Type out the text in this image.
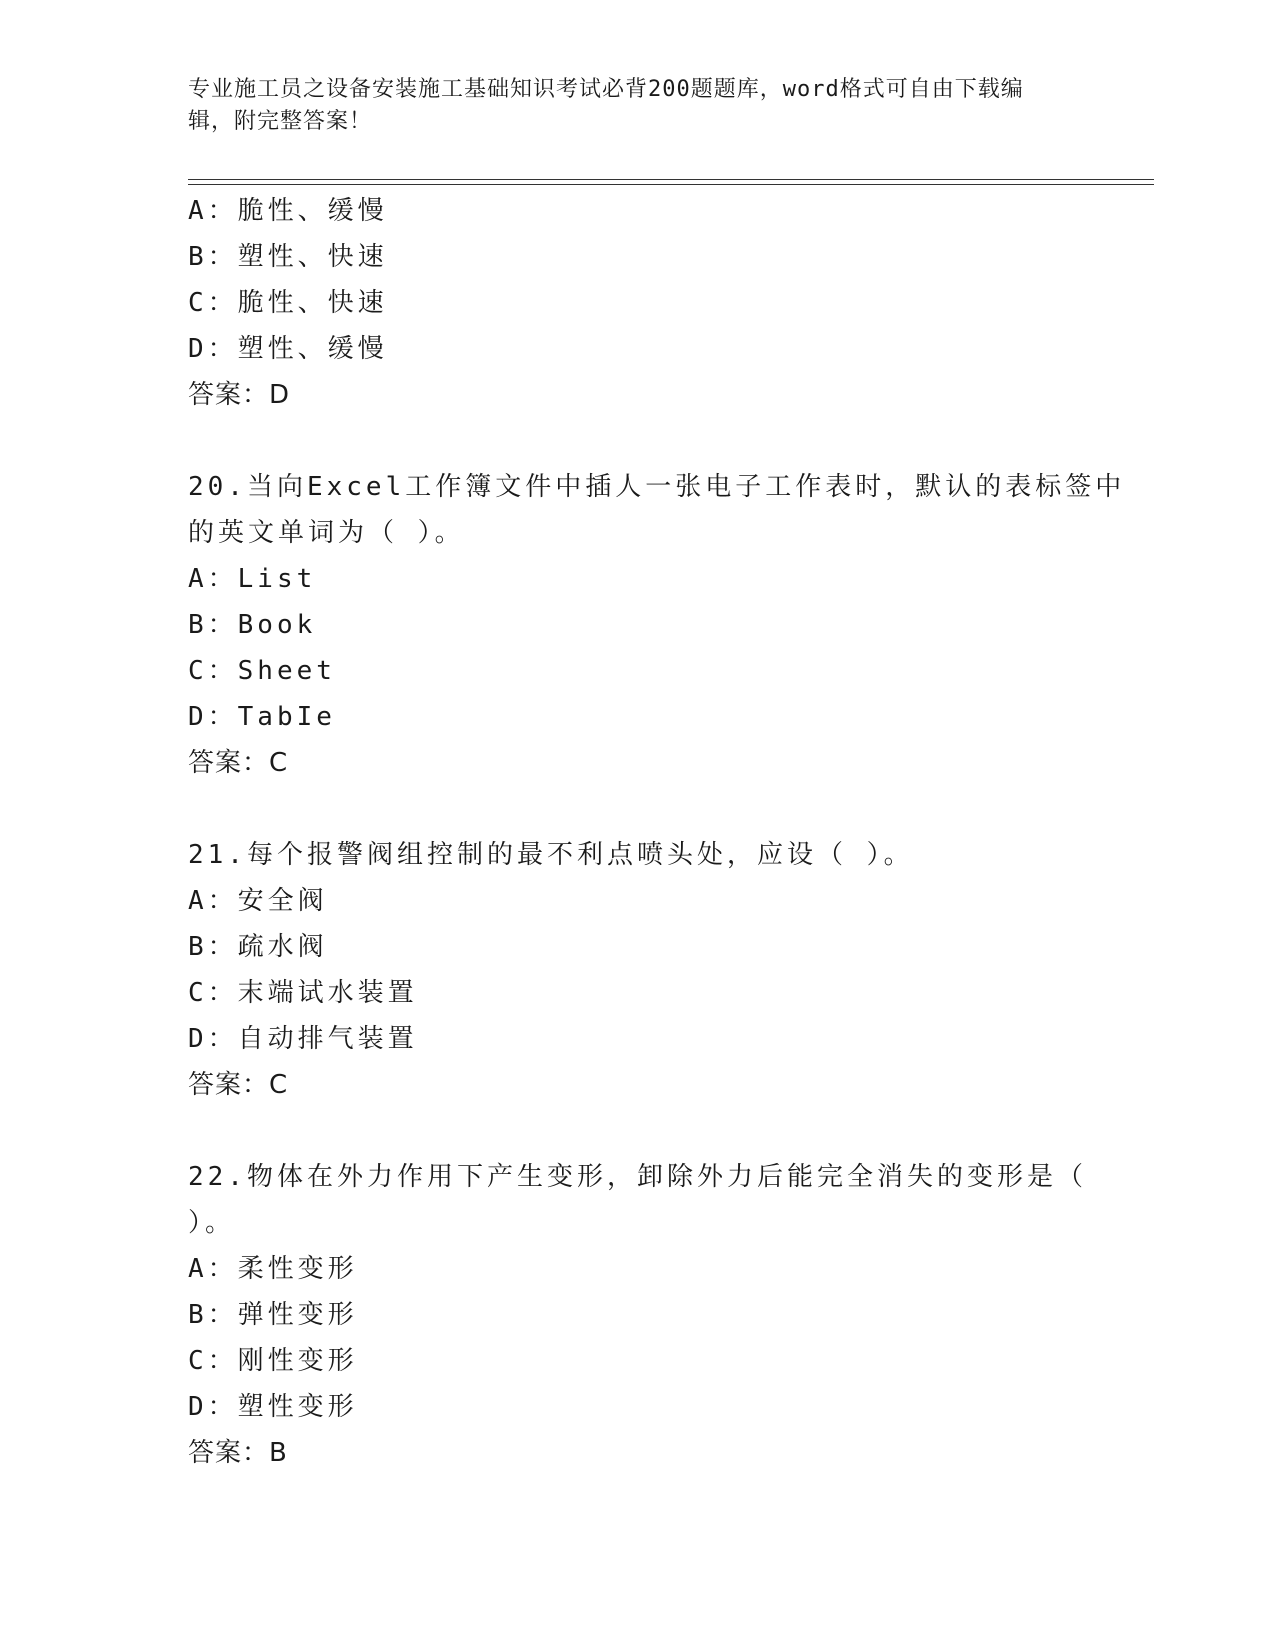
专业施工员之设备安装施工基础知识考试必背200题题库，word格式可自由下载编辑，附完整答案！
A：脆性、缓慢
B：塑性、快速
C：脆性、快速
D：塑性、缓慢
答案：D
20.当向Excel工作簿文件中插人一张电子工作表时，默认的表标签中
的英文单词为（ ）。
A：List
B：Book
C：Sheet
D：TabIe
答案：C
21.每个报警阀组控制的最不利点喷头处，应设（ ）。
A：安全阀
B：疏水阀
C：末端试水装置
D：自动排气装置
答案：C
22.物体在外力作用下产生变形，卸除外力后能完全消失的变形是（
）。
A：柔性变形
B：弹性变形
C：刚性变形
D：塑性变形
答案：B
